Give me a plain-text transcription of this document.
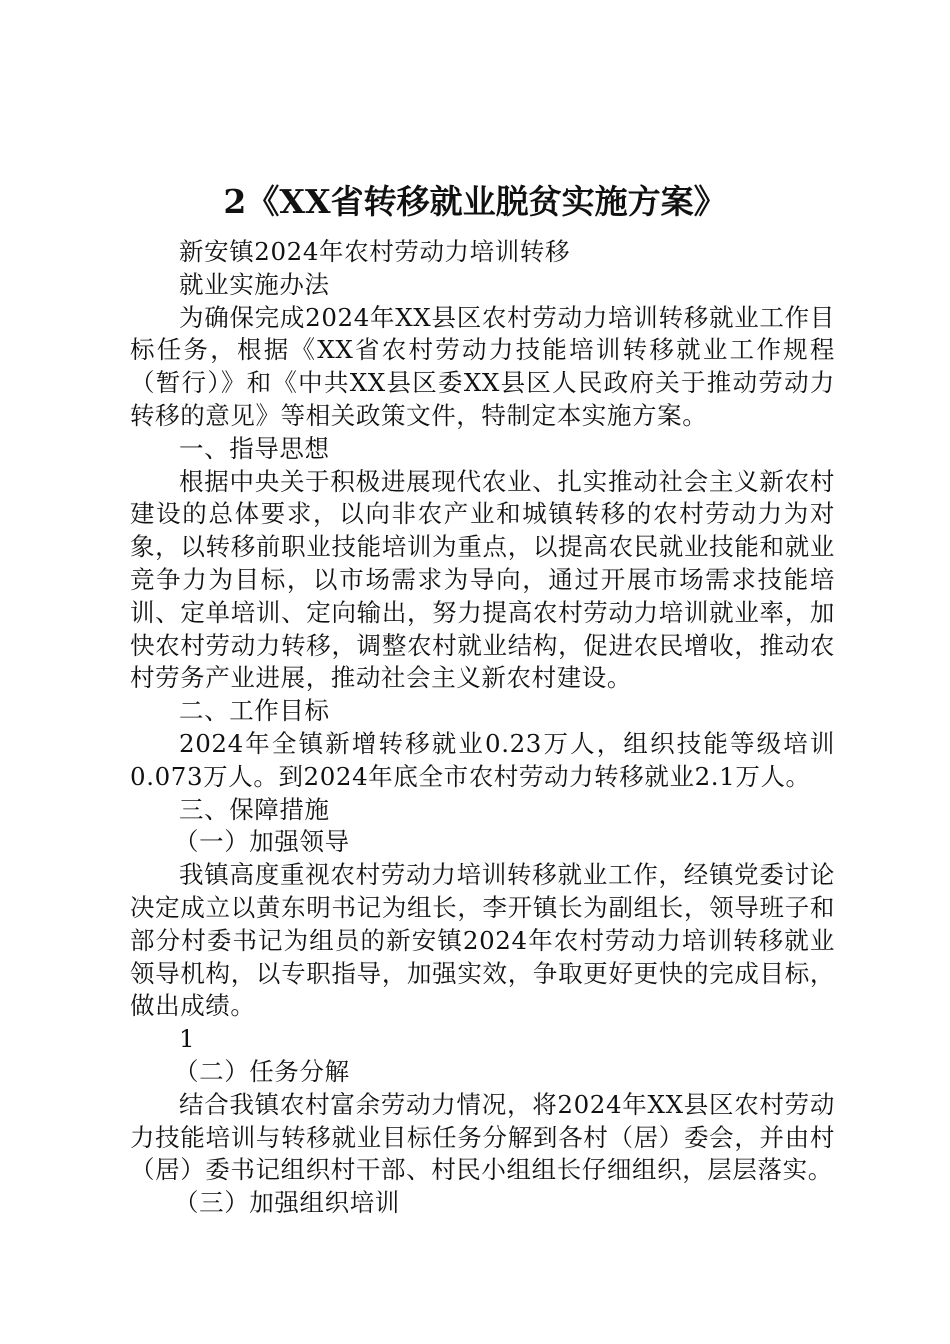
2《XX省转移就业脱贫实施方案》

新安镇2024年农村劳动力培训转移

就业实施办法

为确保完成2024年XX县区农村劳动力培训转移就业工作目标任务，根据《XX省农村劳动力技能培训转移就业工作规程（暂行）》和《中共XX县区委XX县区人民政府关于推动劳动力转移的意见》等相关政策文件，特制定本实施方案。

一、指导思想

根据中央关于积极进展现代农业、扎实推动社会主义新农村建设的总体要求，以向非农产业和城镇转移的农村劳动力为对象，以转移前职业技能培训为重点，以提高农民就业技能和就业竞争力为目标，以市场需求为导向，通过开展市场需求技能培训、定单培训、定向输出，努力提高农村劳动力培训就业率，加快农村劳动力转移，调整农村就业结构，促进农民增收，推动农村劳务产业进展，推动社会主义新农村建设。

二、工作目标

2024年全镇新增转移就业0.23万人，组织技能等级培训0.073万人。到2024年底全市农村劳动力转移就业2.1万人。

三、保障措施

（一）加强领导

我镇高度重视农村劳动力培训转移就业工作，经镇党委讨论决定成立以黄东明书记为组长，李开镇长为副组长，领导班子和部分村委书记为组员的新安镇2024年农村劳动力培训转移就业领导机构，以专职指导，加强实效，争取更好更快的完成目标，做出成绩。

1

（二）任务分解

结合我镇农村富余劳动力情况，将2024年XX县区农村劳动力技能培训与转移就业目标任务分解到各村（居）委会，并由村（居）委书记组织村干部、村民小组组长仔细组织，层层落实。

（三）加强组织培训
